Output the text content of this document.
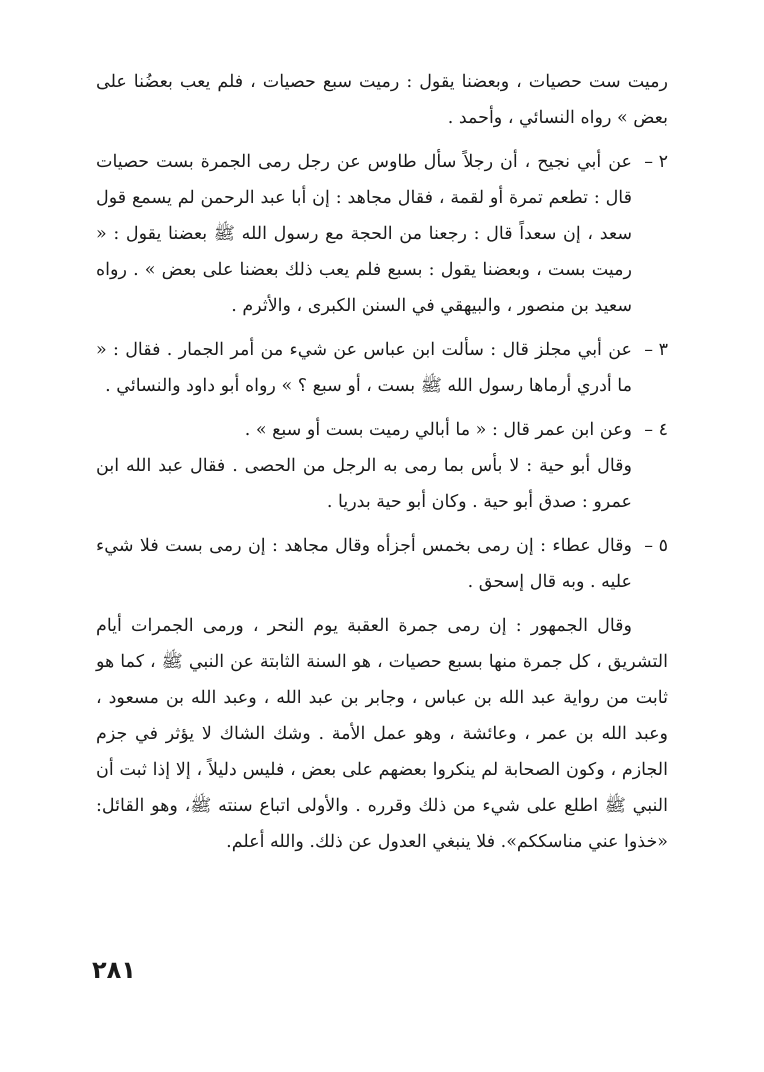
رميت ست حصيات ، وبعضنا يقول : رميت سبع حصيات ، فلم يعب بعضُنا على بعض » رواه النسائي ، وأحمد .

٢ –

عن أبي نجيح ، أن رجلاً سأل طاوس عن رجل رمى الجمرة بست حصيات قال : تطعم تمرة أو لقمة ، فقال مجاهد : إن أبا عبد الرحمن لم يسمع قول سعد ، إن سعداً قال : رجعنا من الحجة مع رسول الله ﷺ بعضنا يقول : « رميت بست ، وبعضنا يقول : بسبع فلم يعب ذلك بعضنا على بعض » . رواه سعيد بن منصور ، والبيهقي في السنن الكبرى ، والأثرم .

٣ –

عن أبي مجلز قال : سألت ابن عباس عن شيء من أمر الجمار . فقال : « ما أدري أرماها رسول الله ﷺ بست ، أو سبع ؟ » رواه أبو داود والنسائي .

٤ –

وعن ابن عمر قال : « ما أبالي رميت بست أو سبع » .

وقال أبو حية : لا بأس بما رمى به الرجل من الحصى . فقال عبد الله ابن عمرو : صدق أبو حية . وكان أبو حية بدريا .

٥ –

وقال عطاء : إن رمى بخمس أجزأه وقال مجاهد : إن رمى بست فلا شيء عليه . وبه قال إسحق .

وقال الجمهور : إن رمى جمرة العقبة يوم النحر ، ورمى الجمرات أيام التشريق ، كل جمرة منها بسبع حصيات ، هو السنة الثابتة عن النبي ﷺ ، كما هو ثابت من رواية عبد الله بن عباس ، وجابر بن عبد الله ، وعبد الله بن مسعود ، وعبد الله بن عمر ، وعائشة ، وهو عمل الأمة . وشك الشاك لا يؤثر في جزم الجازم ، وكون الصحابة لم ينكروا بعضهم على بعض ، فليس دليلاً ، إلا إذا ثبت أن النبي ﷺ اطلع على شيء من ذلك وقرره . والأولى اتباع سنته ﷺ، وهو القائل: «خذوا عني مناسككم». فلا ينبغي العدول عن ذلك. والله أعلم.

٢٨١
